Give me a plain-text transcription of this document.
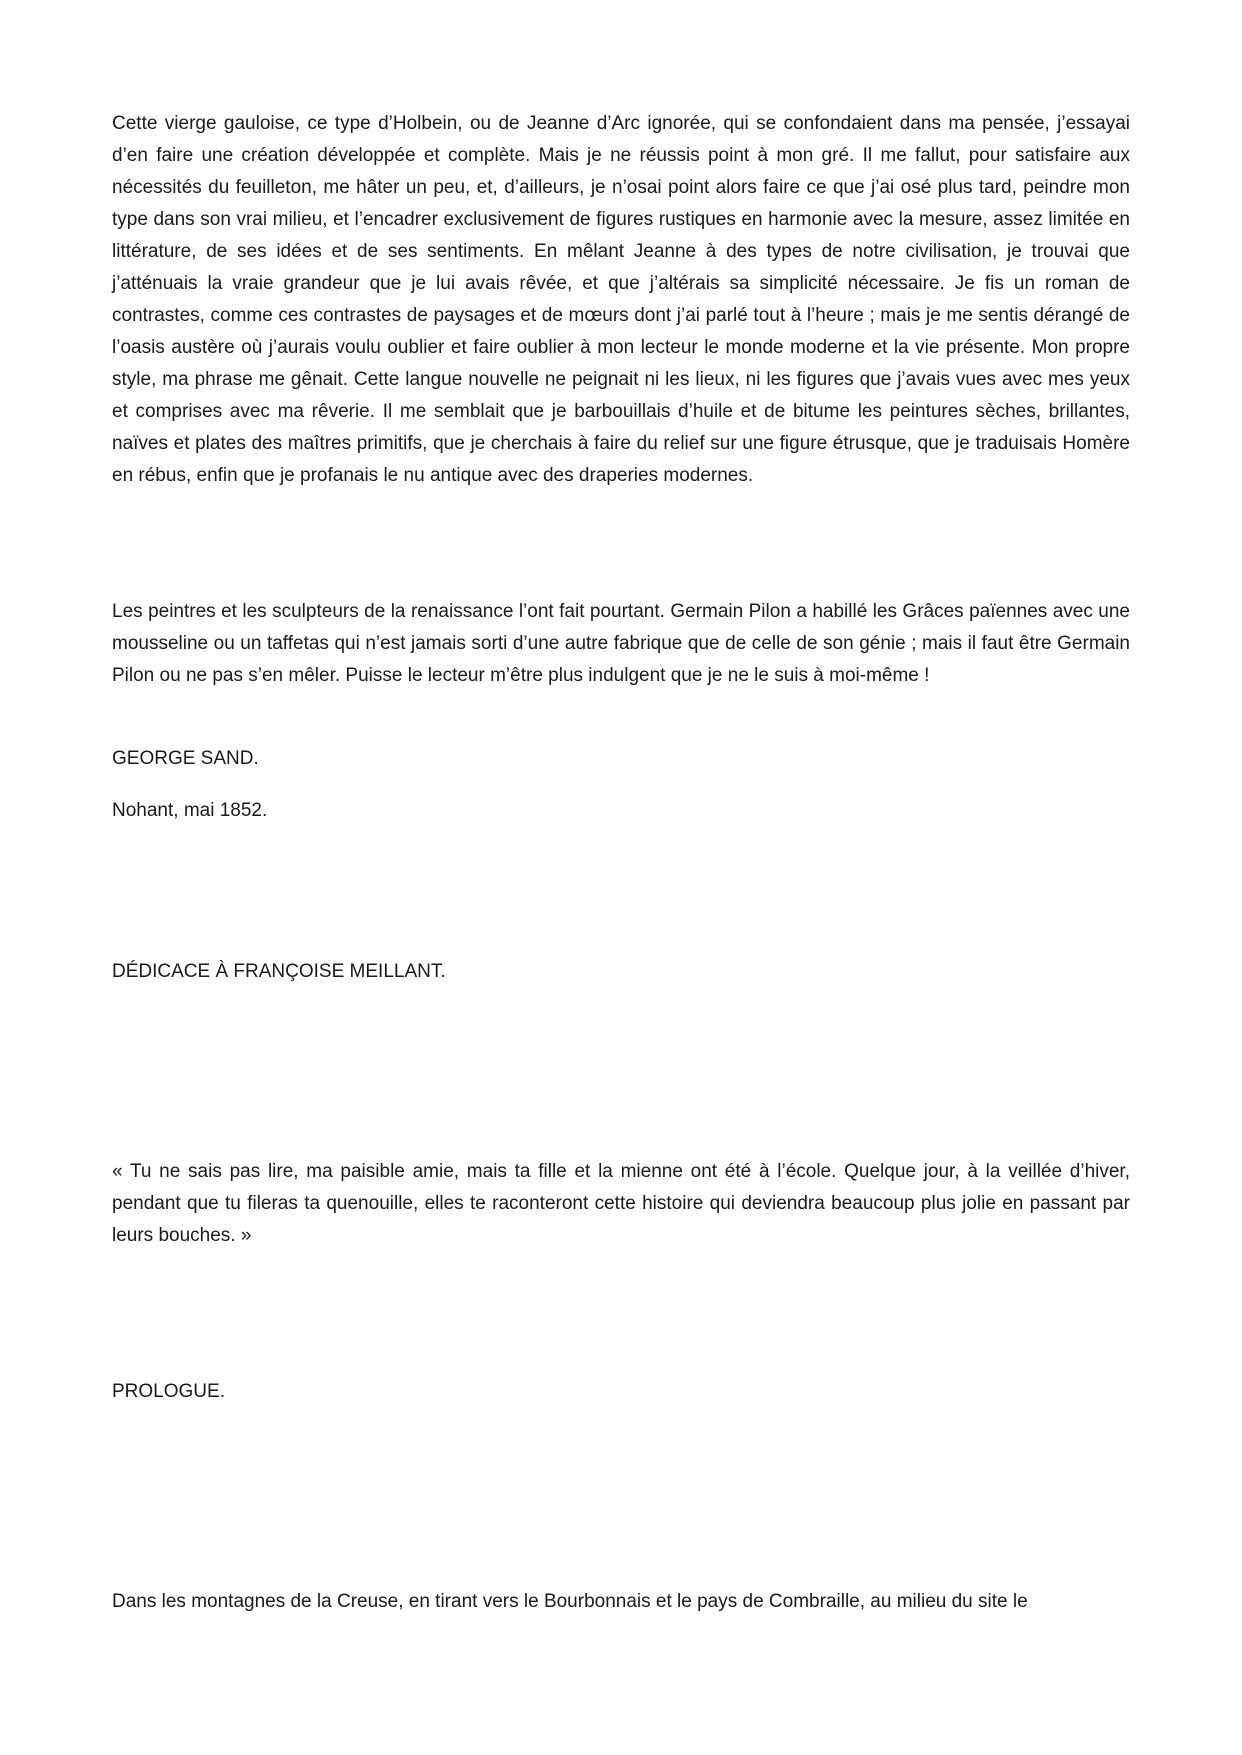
Cette vierge gauloise, ce type d’Holbein, ou de Jeanne d’Arc ignorée, qui se confondaient dans ma pensée, j’essayai d’en faire une création développée et complète. Mais je ne réussis point à mon gré. Il me fallut, pour satisfaire aux nécessités du feuilleton, me hâter un peu, et, d’ailleurs, je n’osai point alors faire ce que j’ai osé plus tard, peindre mon type dans son vrai milieu, et l’encadrer exclusivement de figures rustiques en harmonie avec la mesure, assez limitée en littérature, de ses idées et de ses sentiments. En mêlant Jeanne à des types de notre civilisation, je trouvai que j’atténuais la vraie grandeur que je lui avais rêvée, et que j’altérais sa simplicité nécessaire. Je fis un roman de contrastes, comme ces contrastes de paysages et de mœurs dont j’ai parlé tout à l’heure ; mais je me sentis dérangé de l’oasis austère où j’aurais voulu oublier et faire oublier à mon lecteur le monde moderne et la vie présente. Mon propre style, ma phrase me gênait. Cette langue nouvelle ne peignait ni les lieux, ni les figures que j’avais vues avec mes yeux et comprises avec ma rêverie. Il me semblait que je barbouillais d’huile et de bitume les peintures sèches, brillantes, naïves et plates des maîtres primitifs, que je cherchais à faire du relief sur une figure étrusque, que je traduisais Homère en rébus, enfin que je profanais le nu antique avec des draperies modernes.

Les peintres et les sculpteurs de la renaissance l’ont fait pourtant. Germain Pilon a habillé les Grâces païennes avec une mousseline ou un taffetas qui n’est jamais sorti d’une autre fabrique que de celle de son génie ; mais il faut être Germain Pilon ou ne pas s’en mêler. Puisse le lecteur m’être plus indulgent que je ne le suis à moi-même !

GEORGE SAND.

Nohant, mai 1852.

DÉDICACE À FRANÇOISE MEILLANT.

« Tu ne sais pas lire, ma paisible amie, mais ta fille et la mienne ont été à l’école. Quelque jour, à la veillée d’hiver, pendant que tu fileras ta quenouille, elles te raconteront cette histoire qui deviendra beaucoup plus jolie en passant par leurs bouches. »

PROLOGUE.

Dans les montagnes de la Creuse, en tirant vers le Bourbonnais et le pays de Combraille, au milieu du site le
